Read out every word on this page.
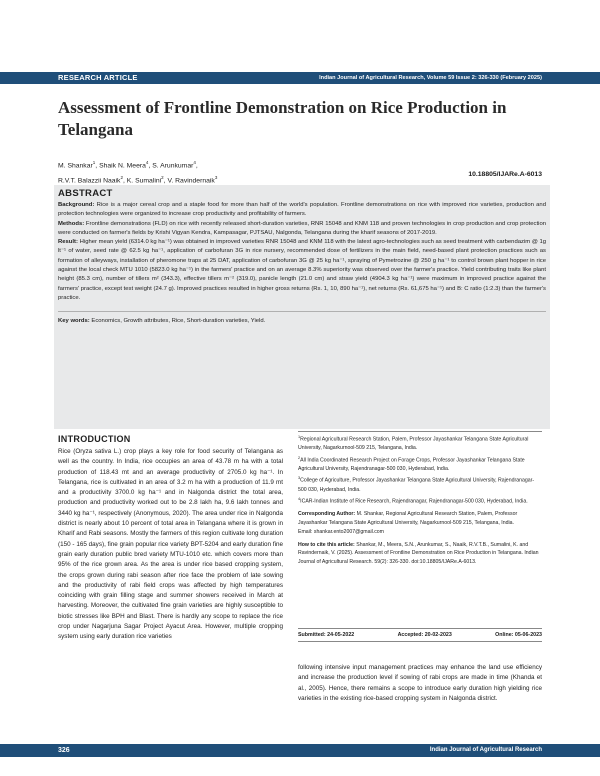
RESEARCH ARTICLE	Indian Journal of Agricultural Research, Volume 59 Issue 2: 326-330 (February 2025)
Assessment of Frontline Demonstration on Rice Production in Telangana
M. Shankar$^1$, Shaik N. Meera$^4$, S. Arunkumar$^4$,
R.V.T. Balazzii Naaik$^2$, K. Sumalini$^2$, V. Ravindernaik$^3$	10.18805/IJARe.A-6013
ABSTRACT

Background: Rice is a major cereal crop and a staple food for more than half of the world's population. Frontline demonstrations on rice with improved rice varieties, production and protection technologies were organized to increase crop productivity and profitability of farmers.

Methods: Frontline demonstrations (FLD) on rice with recently released short-duration varieties, RNR 15048 and KNM 118 and proven technologies in crop production and crop protection were conducted on farmer's fields by Krishi Vigyan Kendra, Kampasagar, PJTSAU, Nalgonda, Telangana during the kharif seasons of 2017-2019.

Result: Higher mean yield (6314.0 kg ha⁻¹) was obtained in improved varieties RNR 15048 and KNM 118 with the latest agro-technologies such as seed treatment with carbendazim @ 1g lt⁻¹ of water, seed rate @ 62.5 kg ha⁻¹, application of carbofuran 3G in rice nursery, recommended dose of fertilizers in the main field, need-based plant protection practices such as formation of alleyways, installation of pheromone traps at 25 DAT, application of carbofuran 3G @ 25 kg ha⁻¹, spraying of Pymetrozine @ 250 g ha⁻¹ to control brown plant hopper in rice against the local check MTU 1010 (5823.0 kg ha⁻¹) in the farmers' practice and on an average 8.3% superiority was observed over the farmer's practice. Yield contributing traits like plant height (85.3 cm), number of tillers m² (343.3), effective tillers m⁻² (319.0), panicle length (21.0 cm) and straw yield (4904.3 kg ha⁻¹) were maximum in improved practice against the farmers' practice, except test weight (24.7 g). Improved practices resulted in higher gross returns (Rs. 1, 10, 890 ha⁻¹), net returns (Rs. 61,675 ha⁻¹) and B: C ratio (1:2.3) than the farmer's practice.

Key words: Economics, Growth attributes, Rice, Short-duration varieties, Yield.

INTRODUCTION

Rice (Oryza sativa L.) crop plays a key role for food security of Telangana as well as the country. In India, rice occupies an area of 43.78 m ha with a total production of 118.43 mt and an average productivity of 2705.0 kg ha⁻¹. In Telangana, rice is cultivated in an area of 3.2 m ha with a production of 11.9 mt and a productivity 3700.0 kg ha⁻¹ and in Nalgonda district the total area, production and productivity worked out to be 2.8 lakh ha, 9.6 lakh tonnes and 3440 kg ha⁻¹, respectively (Anonymous, 2020). The area under rice in Nalgonda district is nearly about 10 percent of total area in Telangana where it is grown in Kharif and Rabi seasons. Mostly the farmers of this region cultivate long duration (150 - 165 days), fine grain popular rice variety BPT-5204 and early duration fine grain early duration public bred variety MTU-1010 etc. which covers more than 95% of the rice grown area. As the area is under rice based cropping system, the crops grown during rabi season after rice face the problem of late sowing and the productivity of rabi field crops was affected by high temperatures coinciding with grain filling stage and summer showers received in March at harvesting. Moreover, the cultivated fine grain varieties are highly susceptible to biotic stresses like BPH and Blast. There is hardly any scope to replace the rice crop under Nagarjuna Sagar Project Ayacut Area. However, multiple cropping system using early duration rice varieties

$^1$Regional Agricultural Research Station, Palem, Professor Jayashankar Telangana State Agricultural University, Nagarkurnool-509 215, Telangana, India.

$^2$All India Coordinated Research Project on Forage Crops, Professor Jayashankar Telangana State Agricultural University, Rajendranagar-500 030, Hyderabad, India.

$^3$College of Agriculture, Professor Jayashankar Telangana State Agricultural University, Rajendranagar-500 030, Hyderabad, India.

$^4$ICAR-Indian Institute of Rice Research, Rajendranagar, Rajendranagar-500 030, Hyderabad, India.

Corresponding Author: M. Shankar, Regional Agricultural Research Station, Palem, Professor Jayashankar Telangana State Agricultural University, Nagarkurnool-509 215, Telangana, India.

Email: shankar.ento2007@gmail.com

How to cite this article: Shankar, M., Meera, S.N., Arunkumar, S., Naaik, R.V.T.B., Sumalini, K. and Ravindernaik, V. (2025). Assessment of Frontline Demonstration on Rice Production in Telangana. Indian Journal of Agricultural Research. 59(2): 326-330. doi:10.18805/IJARe.A-6013.

Submitted: 24-05-2022	Accepted: 20-02-2023	Online: 05-06-2023
following intensive input management practices may enhance the land use efficiency and increase the production level if sowing of rabi crops are made in time (Khanda et al., 2005). Hence, there remains a scope to introduce early duration high yielding rice varieties in the existing rice-based cropping system in Nalgonda district.
326	Indian Journal of Agricultural Research
